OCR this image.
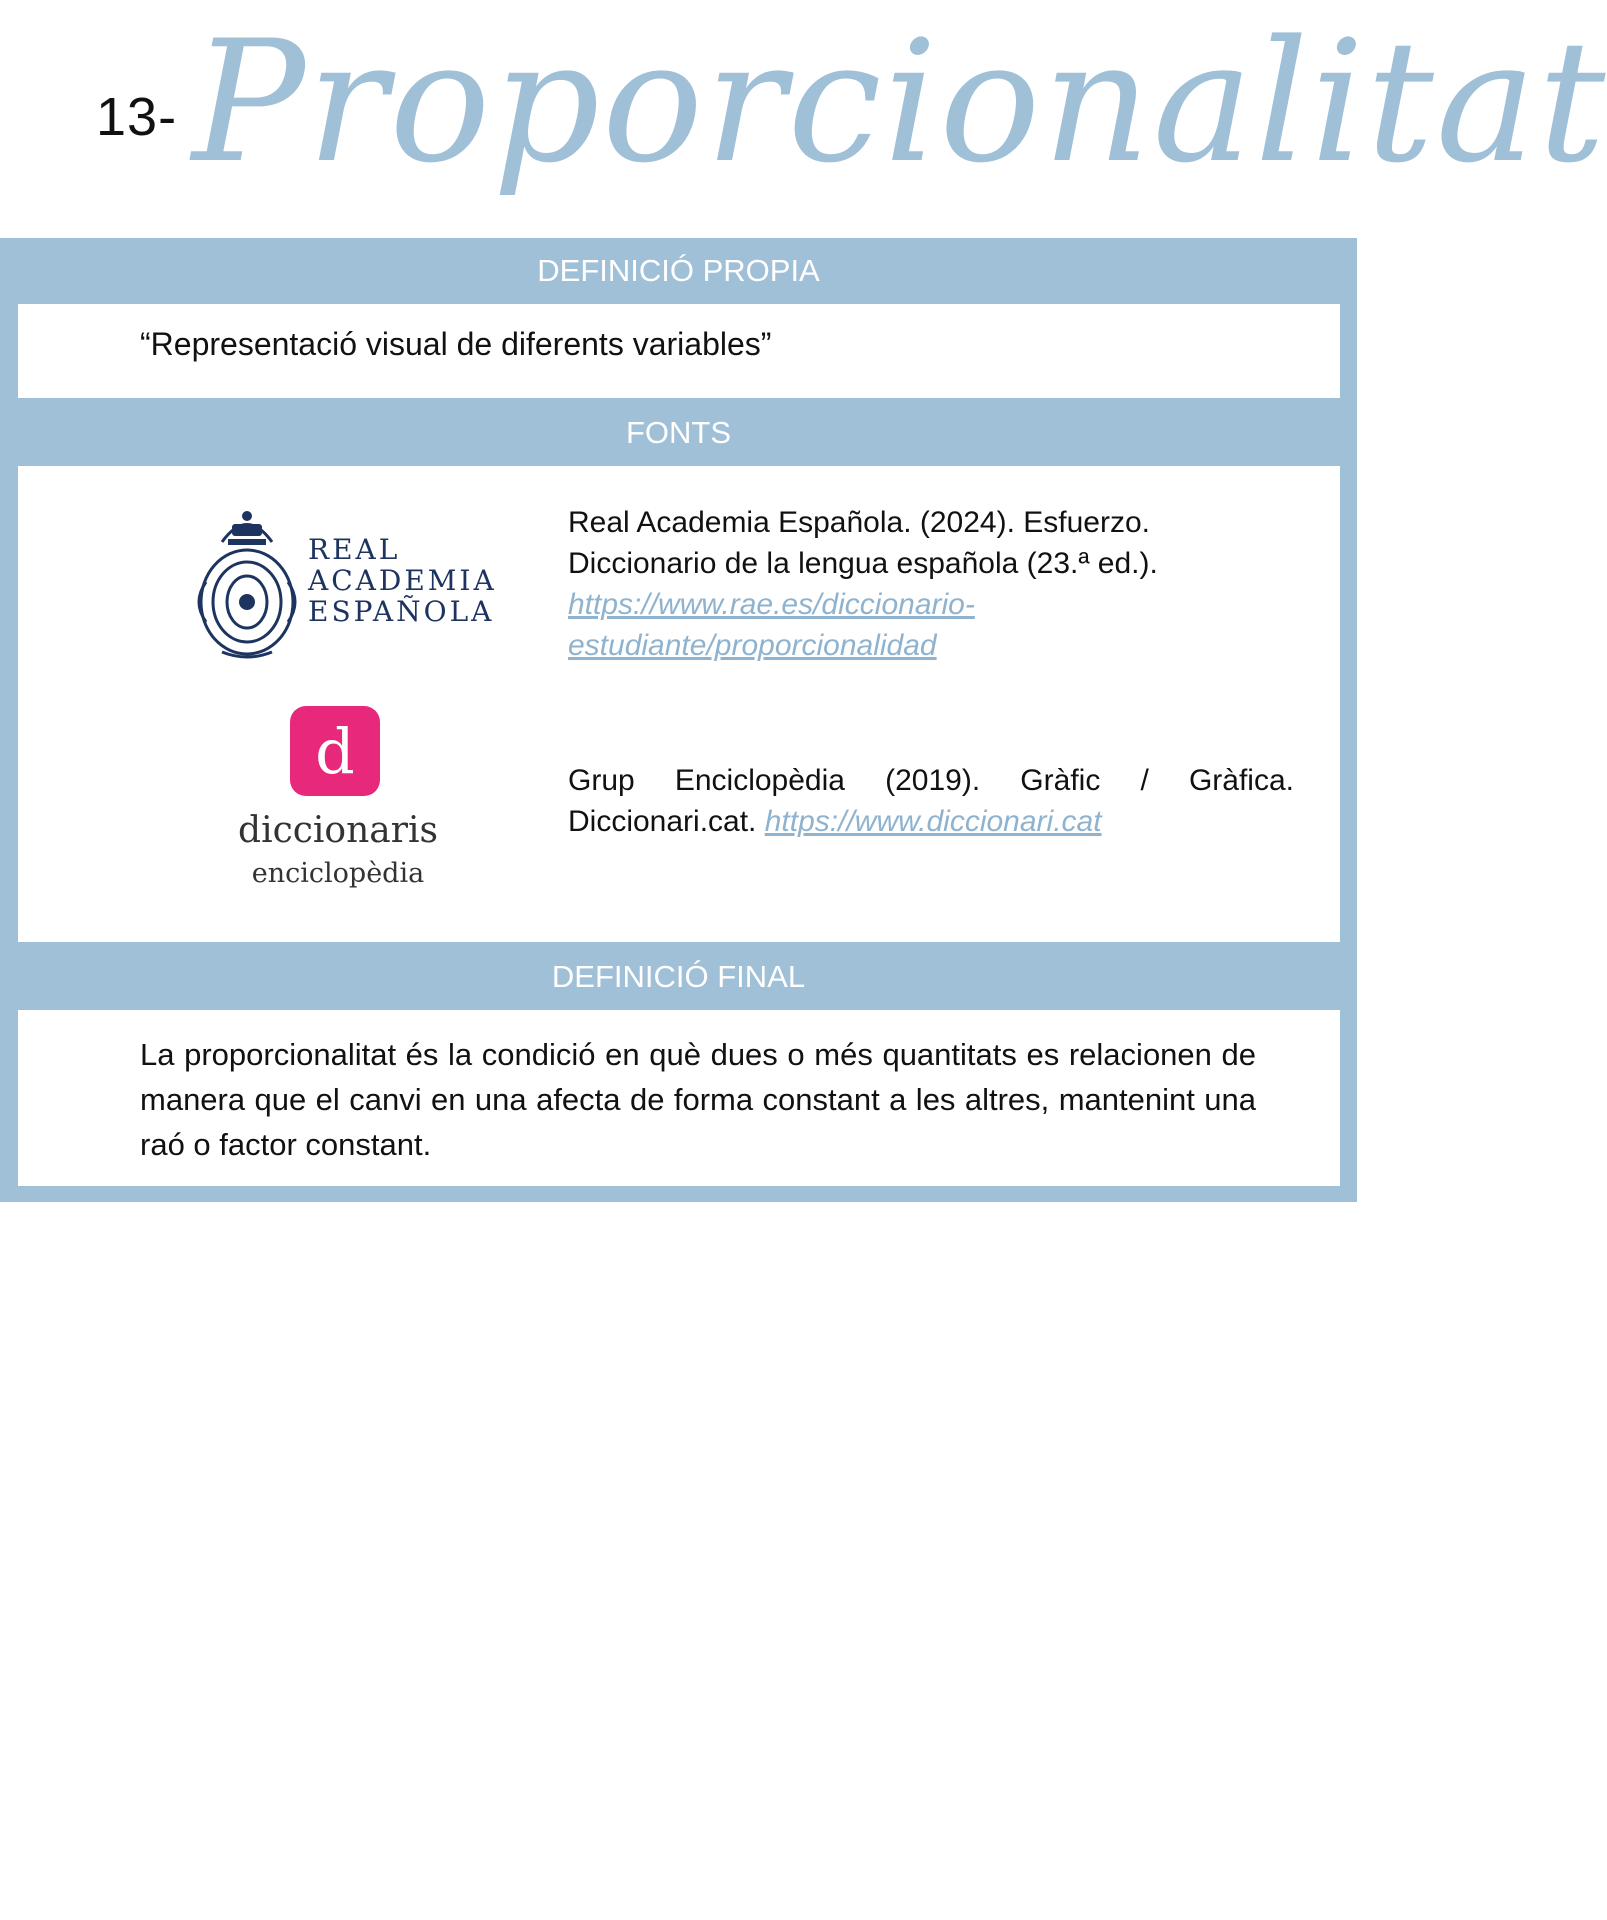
13- Proporcionalitat
DEFINICIÓ PROPIA
“Representació visual de diferents variables”
FONTS
REAL
ACADEMIA
ESPAÑOLA
Real Academia Española. (2024). Esfuerzo.
Diccionario de la lengua española (23.ª ed.).
https://www.rae.es/diccionario-
estudiante/proporcionalidad
d
diccionaris
enciclopèdia
Grup Enciclopèdia (2019). Gràfic / Gràfica.
Diccionari.cat. https://www.diccionari.cat
DEFINICIÓ FINAL
La proporcionalitat és la condició en què dues o més quantitats es relacionen de manera que el canvi en una afecta de forma constant a les altres, mantenint una raó o factor constant.
